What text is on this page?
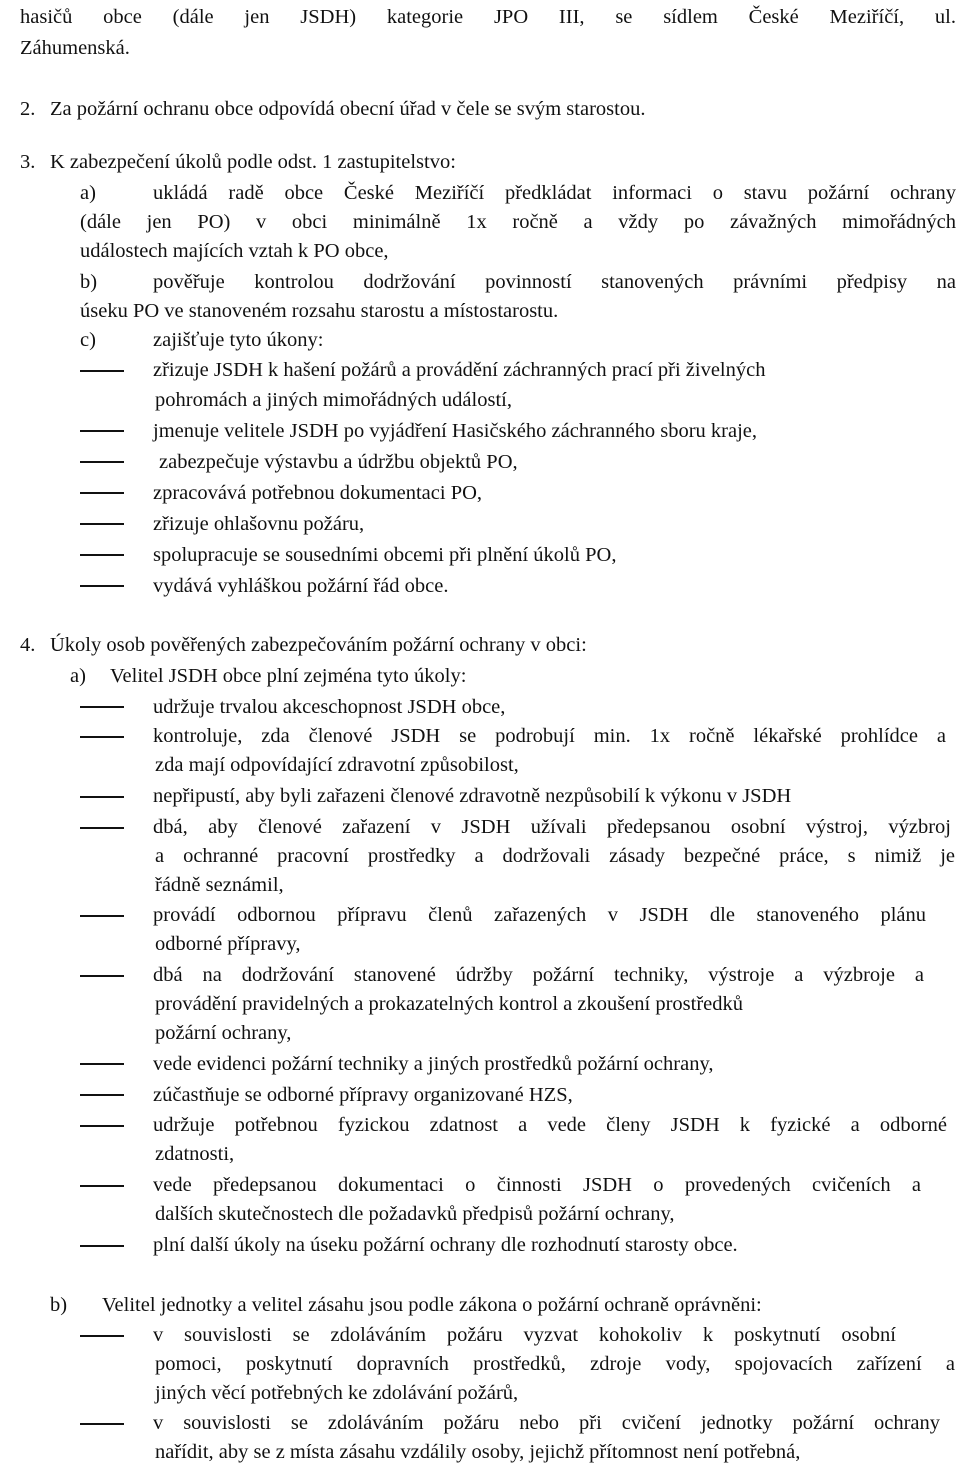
hasičů obce (dále jen JSDH) kategorie JPO III, se sídlem České Meziříčí, ul.
Záhumenská.
2. Za požární ochranu obce odpovídá obecní úřad v čele se svým starostou.
3. K zabezpečení úkolů podle odst. 1 zastupitelstvo:
a)	ukládá radě obce České Meziříčí předkládat informaci o stavu požární ochrany
(dále jen PO) v obci minimálně 1x ročně a vždy po závažných mimořádných
událostech majících vztah k PO obce,
b)	pověřuje kontrolou dodržování povinností stanovených právními předpisy na
úseku PO ve stanoveném rozsahu starostu a místostarostu.
c)	zajišťuje tyto úkony:
zřizuje JSDH k hašení požárů a provádění záchranných prací při živelných
pohromách a jiných mimořádných událostí,
jmenuje velitele JSDH po vyjádření Hasičského záchranného sboru kraje,
zabezpečuje výstavbu a údržbu objektů PO,
zpracovává potřebnou dokumentaci PO,
zřizuje ohlašovnu požáru,
spolupracuje se sousedními obcemi při plnění úkolů PO,
vydává vyhláškou požární řád obce.
4. Úkoly osob pověřených zabezpečováním požární ochrany v obci:
a) Velitel JSDH obce plní zejména tyto úkoly:
udržuje trvalou akceschopnost JSDH obce,
kontroluje, zda členové JSDH se podrobují min. 1x ročně lékařské prohlídce a
zda mají odpovídající zdravotní způsobilost,
nepřipustí, aby byli zařazeni členové zdravotně nezpůsobilí k výkonu v JSDH
dbá, aby členové zařazení v JSDH užívali předepsanou osobní výstroj, výzbroj
a ochranné pracovní prostředky a dodržovali zásady bezpečné práce, s nimiž je
řádně seznámil,
provádí odbornou přípravu členů zařazených v JSDH dle stanoveného plánu
odborné přípravy,
dbá na dodržování stanovené údržby požární techniky, výstroje a výzbroje a
provádění pravidelných a prokazatelných kontrol a zkoušení prostředků
požární ochrany,
vede evidenci požární techniky a jiných prostředků požární ochrany,
zúčastňuje se odborné přípravy organizované HZS,
udržuje potřebnou fyzickou zdatnost a vede členy JSDH k fyzické a odborné
zdatnosti,
vede předepsanou dokumentaci o činnosti JSDH o provedených cvičeních a
dalších skutečnostech dle požadavků předpisů požární ochrany,
plní další úkoly na úseku požární ochrany dle rozhodnutí starosty obce.
b) Velitel jednotky a velitel zásahu jsou podle zákona o požární ochraně oprávněni:
v souvislosti se zdoláváním požáru vyzvat kohokoliv k poskytnutí osobní
pomoci, poskytnutí dopravních prostředků, zdroje vody, spojovacích zařízení a
jiných věcí potřebných ke zdolávání požárů,
v souvislosti se zdoláváním požáru nebo při cvičení jednotky požární ochrany
nařídit, aby se z místa zásahu vzdálily osoby, jejichž přítomnost není potřebná,
